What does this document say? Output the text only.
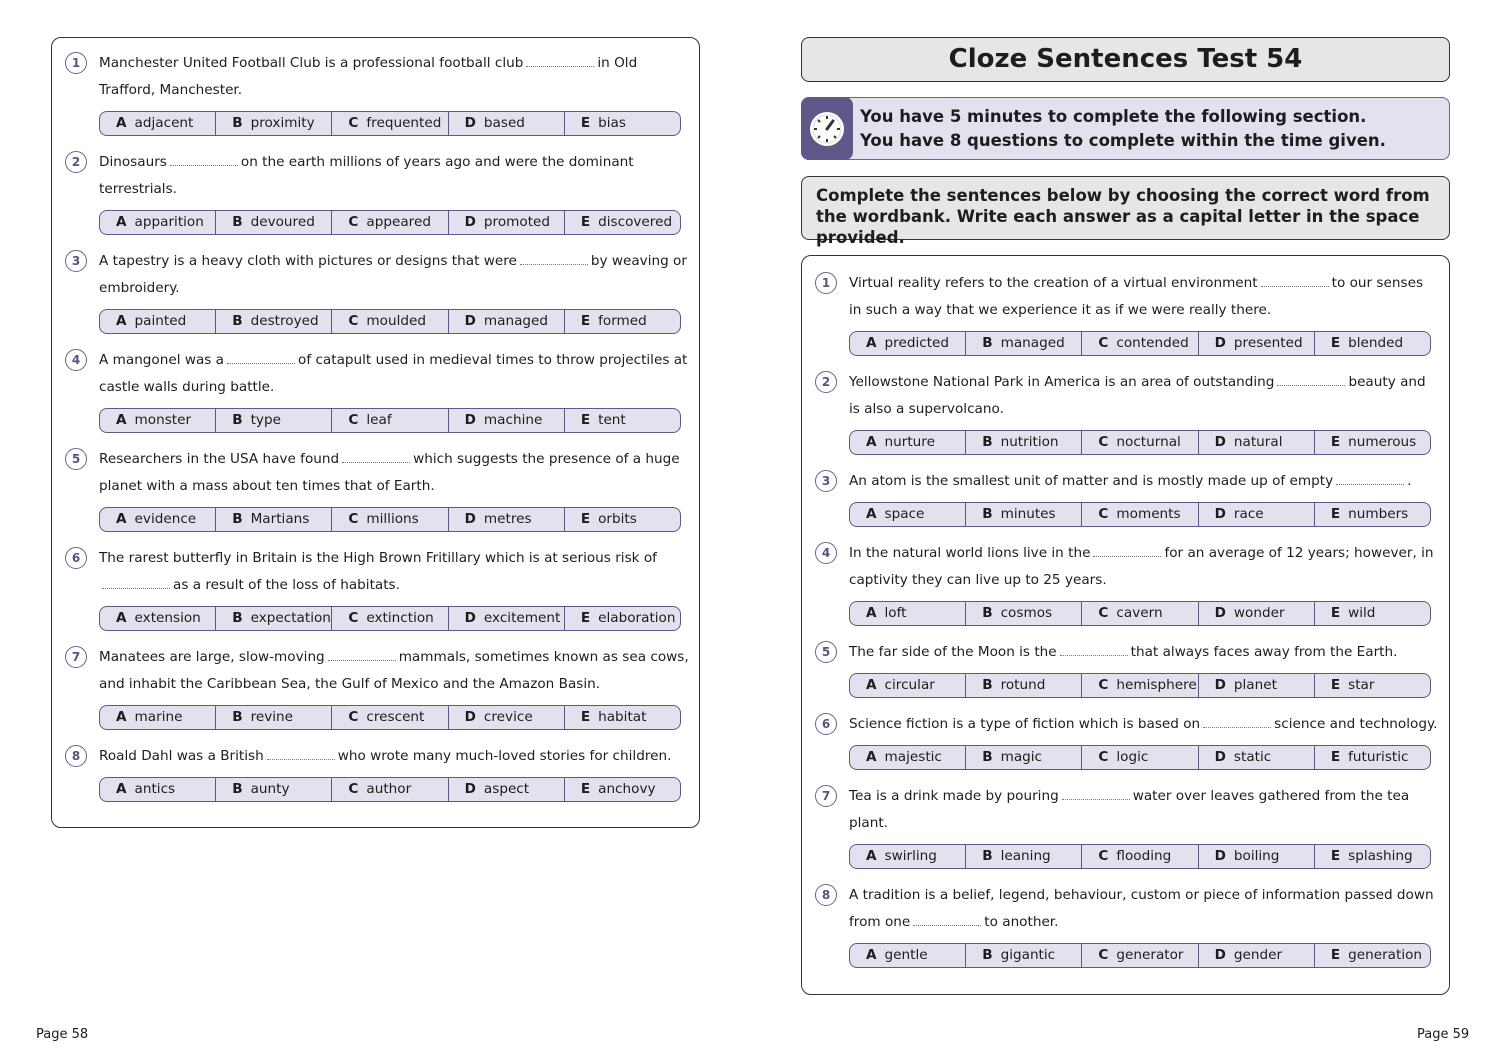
1	Manchester United Football Club is a professional football club	in Old Trafford, Manchester.
A adjacent	B proximity	C frequented	D based	E bias
2	Dinosaurs	on the earth millions of years ago and were the dominant terrestrials.
A apparition	B devoured	C appeared	D promoted	E discovered
3	A tapestry is a heavy cloth with pictures or designs that were	by weaving or embroidery.
A painted	B destroyed	C moulded	D managed	E formed
4	A mangonel was a	of catapult used in medieval times to throw projectiles at castle walls during battle.
A monster	B type	C leaf	D machine	E tent
5	Researchers in the USA have found	which suggests the presence of a huge planet with a mass about ten times that of Earth.
A evidence	B Martians	C millions	D metres	E orbits
6	The rarest butterfly in Britain is the High Brown Fritillary which is at serious risk ofas a result of the loss of habitats.
A extension	B expectation	C extinction	D excitement	E elaboration
7	Manatees are large, slow-moving	mammals, sometimes known as sea cows, and inhabit the Caribbean Sea, the Gulf of Mexico and the Amazon Basin.
A marine	B revine	C crescent	D crevice	E habitat
8	Roald Dahl was a British	who wrote many much-loved stories for children.
A antics	B aunty	C author	D aspect	E anchovy
Cloze Sentences Test 54
You have 5 minutes to complete the following section.
You have 8 questions to complete within the time given.
Complete the sentences below by choosing the correct word from the wordbank. Write each answer as a capital letter in the space provided.
1	Virtual reality refers to the creation of a virtual environment	to our senses in such a way that we experience it as if we were really there.
A predicted	B managed	C contended	D presented	E blended
2	Yellowstone National Park in America is an area of outstanding	beauty and is also a supervolcano.
A nurture	B nutrition	C nocturnal	D natural	E numerous
3	An atom is the smallest unit of matter and is mostly made up of empty	.
A space	B minutes	C moments	D race	E numbers
4	In the natural world lions live in the	for an average of 12 years; however, in captivity they can live up to 25 years.
A loft	B cosmos	C cavern	D wonder	E wild
5	The far side of the Moon is the	that always faces away from the Earth.
A circular	B rotund	C hemisphere	D planet	E star
6	Science fiction is a type of fiction which is based on	science and technology.
A majestic	B magic	C logic	D static	E futuristic
7	Tea is a drink made by pouring	water over leaves gathered from the tea plant.
A swirling	B leaning	C flooding	D boiling	E splashing
8	A tradition is a belief, legend, behaviour, custom or piece of information passed down from one	to another.
A gentle	B gigantic	C generator	D gender	E generation
Page 58	Page 59
